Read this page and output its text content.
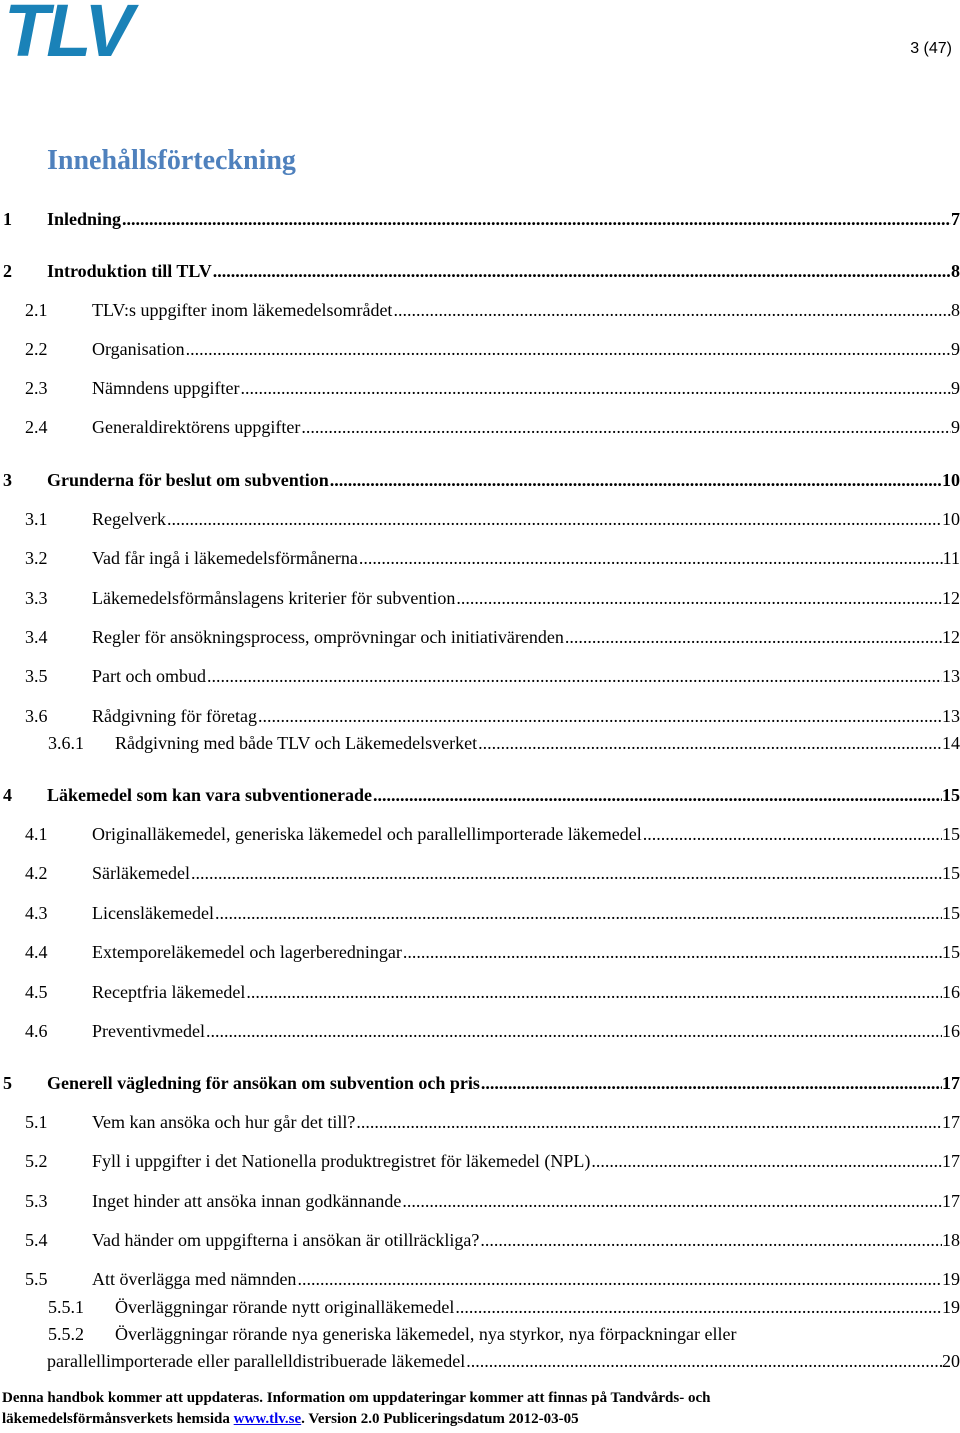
TLV	3 (47)
Innehållsförteckning
1 Inledning .....	7
2 Introduktion till TLV .....	8
2.1 TLV:s uppgifter inom läkemedelsområdet .....	8
2.2 Organisation .....	9
2.3 Nämndens uppgifter .....	9
2.4 Generaldirektörens uppgifter .....	9
3 Grunderna för beslut om subvention .....	10
3.1 Regelverk .....	10
3.2 Vad får ingå i läkemedelsförmånerna .....	11
3.3 Läkemedelsförmånslagens kriterier för subvention .....	12
3.4 Regler för ansökningsprocess, omprövningar och initiativärenden .....	12
3.5 Part och ombud .....	13
3.6 Rådgivning för företag .....	13
3.6.1 Rådgivning med både TLV och Läkemedelsverket .....	14
4 Läkemedel som kan vara subventionerade .....	15
4.1 Originalläkemedel, generiska läkemedel och parallellimporterade läkemedel .....	15
4.2 Särläkemedel .....	15
4.3 Licensläkemedel .....	15
4.4 Extemporeläkemedel och lagerberedningar .....	15
4.5 Receptfria läkemedel .....	16
4.6 Preventivmedel .....	16
5 Generell vägledning för ansökan om subvention och pris .....	17
5.1 Vem kan ansöka och hur går det till? .....	17
5.2 Fyll i uppgifter i det Nationella produktregistret för läkemedel (NPL) .....	17
5.3 Inget hinder att ansöka innan godkännande .....	17
5.4 Vad händer om uppgifterna i ansökan är otillräckliga? .....	18
5.5 Att överlägga med nämnden .....	19
5.5.1 Överläggningar rörande nytt originalläkemedel .....	19
5.5.2 Överläggningar rörande nya generiska läkemedel, nya styrkor, nya förpackningar eller
parallellimporterade eller parallelldistribuerade läkemedel .....	20
Denna handbok kommer att uppdateras. Information om uppdateringar kommer att finnas på Tandvårds- och
läkemedelsförmånsverkets hemsida www.tlv.se. Version 2.0 Publiceringsdatum 2012-03-05
